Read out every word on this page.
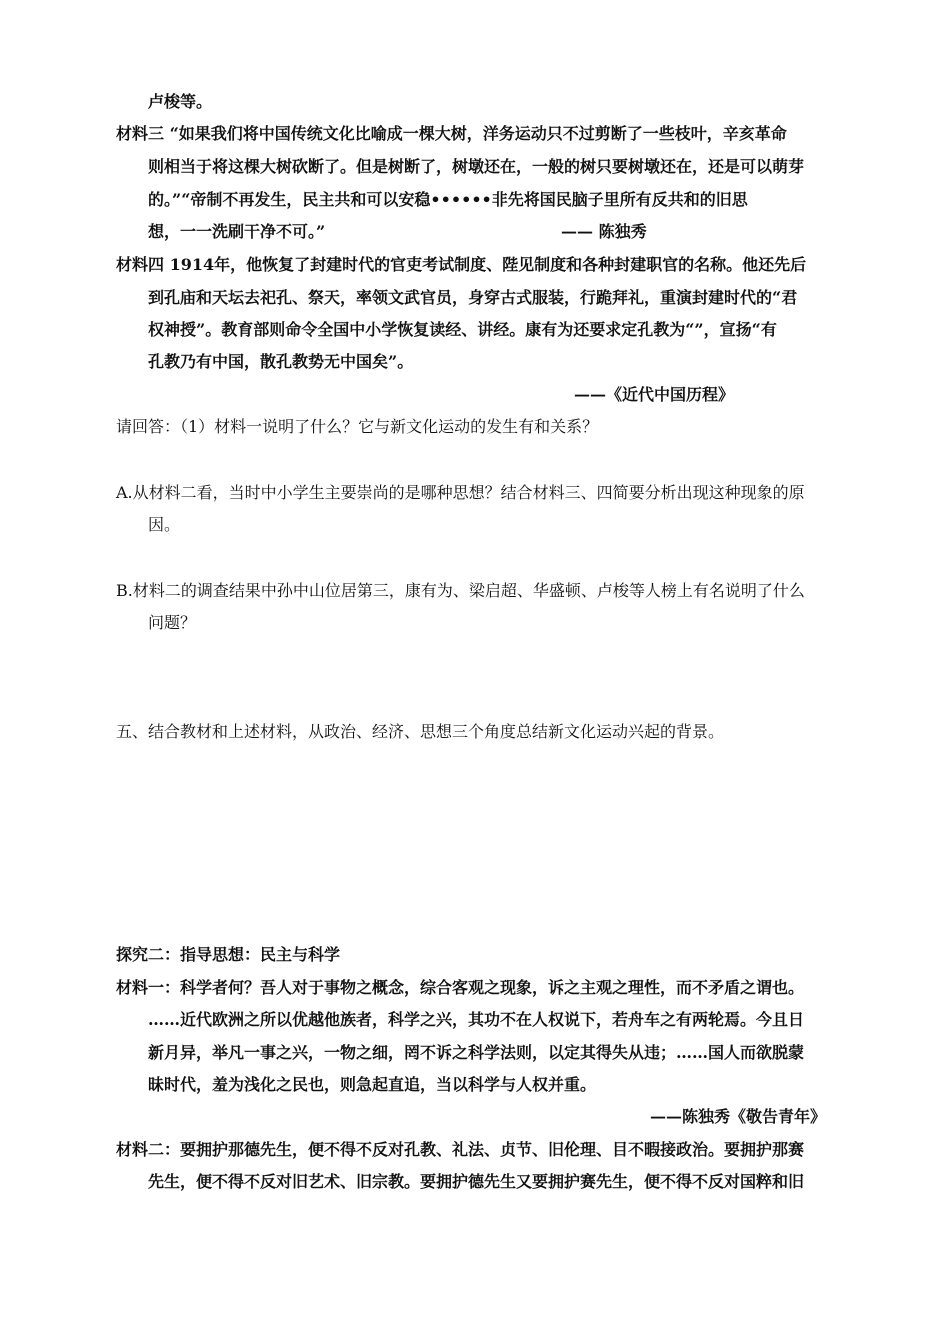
卢梭等。
材料三 “如果我们将中国传统文化比喻成一棵大树，洋务运动只不过剪断了一些枝叶，辛亥革命
则相当于将这棵大树砍断了。但是树断了，树墩还在，一般的树只要树墩还在，还是可以萌芽
的。”“帝制不再发生，民主共和可以安稳••••••非先将国民脑子里所有反共和的旧思
想，一一洗刷干净不可。”	—— 陈独秀
材料四 1914年，他恢复了封建时代的官吏考试制度、陛见制度和各种封建职官的名称。他还先后
到孔庙和天坛去祀孔、祭天，率领文武官员，身穿古式服装，行跪拜礼，重演封建时代的“君
权神授”。教育部则命令全国中小学恢复读经、讲经。康有为还要求定孔教为“”，宣扬“有
孔教乃有中国，散孔教势无中国矣”。
——《近代中国历程》
请回答：（1）材料一说明了什么？它与新文化运动的发生有和关系？
A.从材料二看，当时中小学生主要崇尚的是哪种思想？结合材料三、四简要分析出现这种现象的原
因。
B.材料二的调查结果中孙中山位居第三，康有为、梁启超、华盛顿、卢梭等人榜上有名说明了什么
问题？
五、结合教材和上述材料，从政治、经济、思想三个角度总结新文化运动兴起的背景。
探究二：指导思想：民主与科学
材料一：科学者何？吾人对于事物之概念，综合客观之现象，诉之主观之理性，而不矛盾之谓也。
……近代欧洲之所以优越他族者，科学之兴，其功不在人权说下，若舟车之有两轮焉。今且日
新月异，举凡一事之兴，一物之细，罔不诉之科学法则，以定其得失从违；……国人而欲脱蒙
昧时代，羞为浅化之民也，则急起直追，当以科学与人权并重。
——陈独秀《敬告青年》
材料二：要拥护那德先生，便不得不反对孔教、礼法、贞节、旧伦理、目不暇接政治。要拥护那赛
先生，便不得不反对旧艺术、旧宗教。要拥护德先生又要拥护赛先生，便不得不反对国粹和旧
